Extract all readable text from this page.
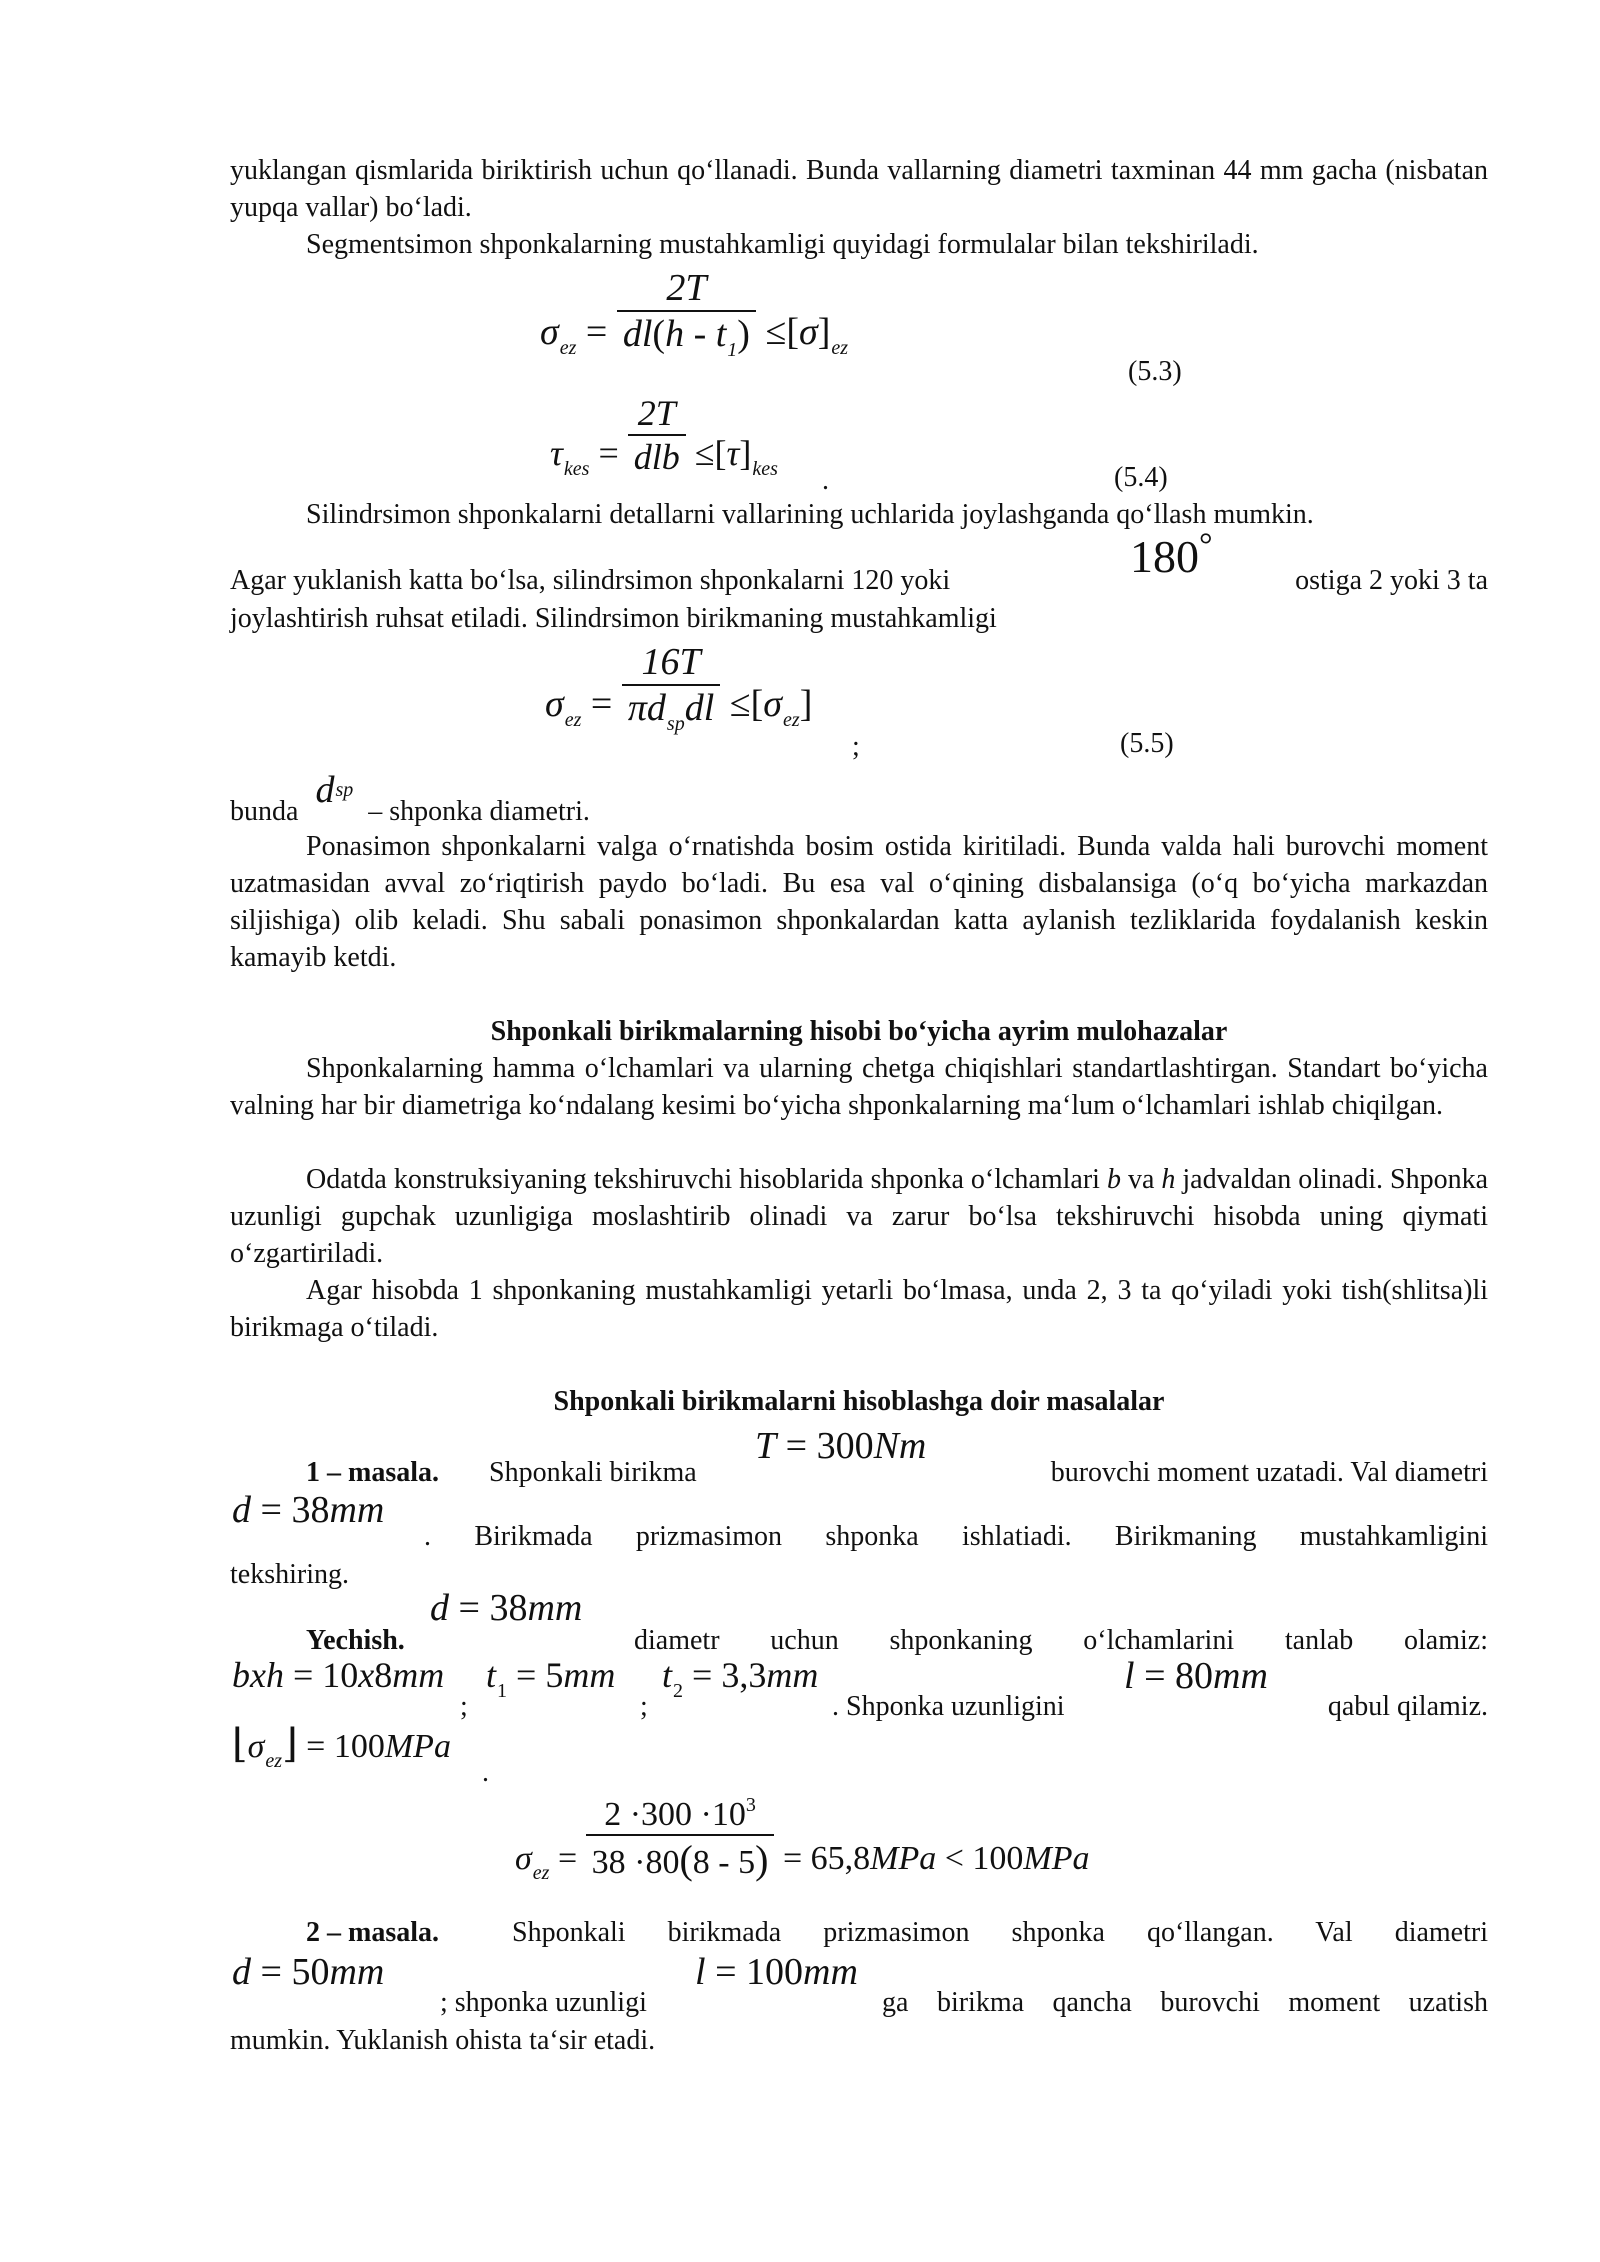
yuklangan qismlarida biriktirish uchun qo‘llanadi. Bunda vallarning diametri taxminan 44 mm gacha (nisbatan yupqa vallar) bo‘ladi.
Segmentsimon shponkalarning mustahkamligi quyidagi formulalar bilan tekshiriladi.
$\sigma_{ez} = \frac{2T}{dl(h - t_1)} \le[\sigma]_{ez}$
(5.3)
$\tau_{kes} = \frac{2T}{\text{dlb}} \le[\tau]_{kes}$ .	(5.4)
Silindrsimon shponkalarni detallarni vallarining uchlarida joylashganda qo‘llash mumkin.
Agar yuklanish katta bo‘lsa, silindrsimon shponkalarni 120 yoki	180°
ostiga 2 yoki 3 ta
joylashtirish ruhsat etiladi. Silindrsimon birikmaning mustahkamligi
$\sigma_{ez} = \frac{16T}{\pi d_{sp}dl} \le[\sigma_{ez}]$
;	(5.5)
bunda $d^{sp}$ – shponka diametri.
Ponasimon shponkalarni valga o‘rnatishda bosim ostida kiritiladi. Bunda valda hali burovchi moment uzatmasidan avval zo‘riqtirish paydo bo‘ladi. Bu esa val o‘qining disbalansiga (o‘q bo‘yicha markazdan siljishiga) olib keladi. Shu sabali ponasimon shponkalardan katta aylanish tezliklarida foydalanish keskin kamayib ketdi.
Shponkali birikmalarning hisobi bo‘yicha ayrim mulohazalar
Shponkalarning hamma o‘lchamlari va ularning chetga chiqishlari standartlashtirgan. Standart bo‘yicha valning har bir diametriga ko‘ndalang kesimi bo‘yicha shponkalarning ma‘lum o‘lchamlari ishlab chiqilgan.
Odatda konstruksiyaning tekshiruvchi hisoblarida shponka o‘lchamlari b va h jadvaldan olinadi. Shponka uzunligi gupchak uzunligiga moslashtirib olinadi va zarur bo‘lsa tekshiruvchi hisobda uning qiymati o‘zgartiriladi.
Agar hisobda 1 shponkaning mustahkamligi yetarli bo‘lmasa, unda 2, 3 ta qo‘yiladi yoki tish(shlitsa)li birikmaga o‘tiladi.
Shponkali birikmalarni hisoblashga doir masalalar
1 – masala. Shponkali birikma
T = 300Nm
burovchi moment uzatadi. Val diametri
d = 38mm
. Birikmada prizmasimon shponka ishlatiadi. Birikmaning mustahkamligini
tekshiring.
Yechish.
d = 38mm
diametr uchun shponkaning o‘lchamlarini tanlab olamiz:
bxh = 10x8mm
;
$t_1 = 5mm$
;
$t_2 = 3,3mm$
. Shponka uzunligini
l = 80mm
qabul qilamiz.
$⌊\sigma_{ez}⌋ = 100MPa$
.
$\sigma_{ez} = \frac{2 \cdot 300 \cdot 10^3}{38 \cdot 80(8 - 5)} = 65,8MPa < 100MPa$
2 – masala.	Shponkali birikmada prizmasimon shponka qo‘llangan. Val diametri
d = 50mm
; shponka uzunligi
l = 100mm
ga birikma qancha burovchi moment uzatish
mumkin. Yuklanish ohista ta‘sir etadi.
